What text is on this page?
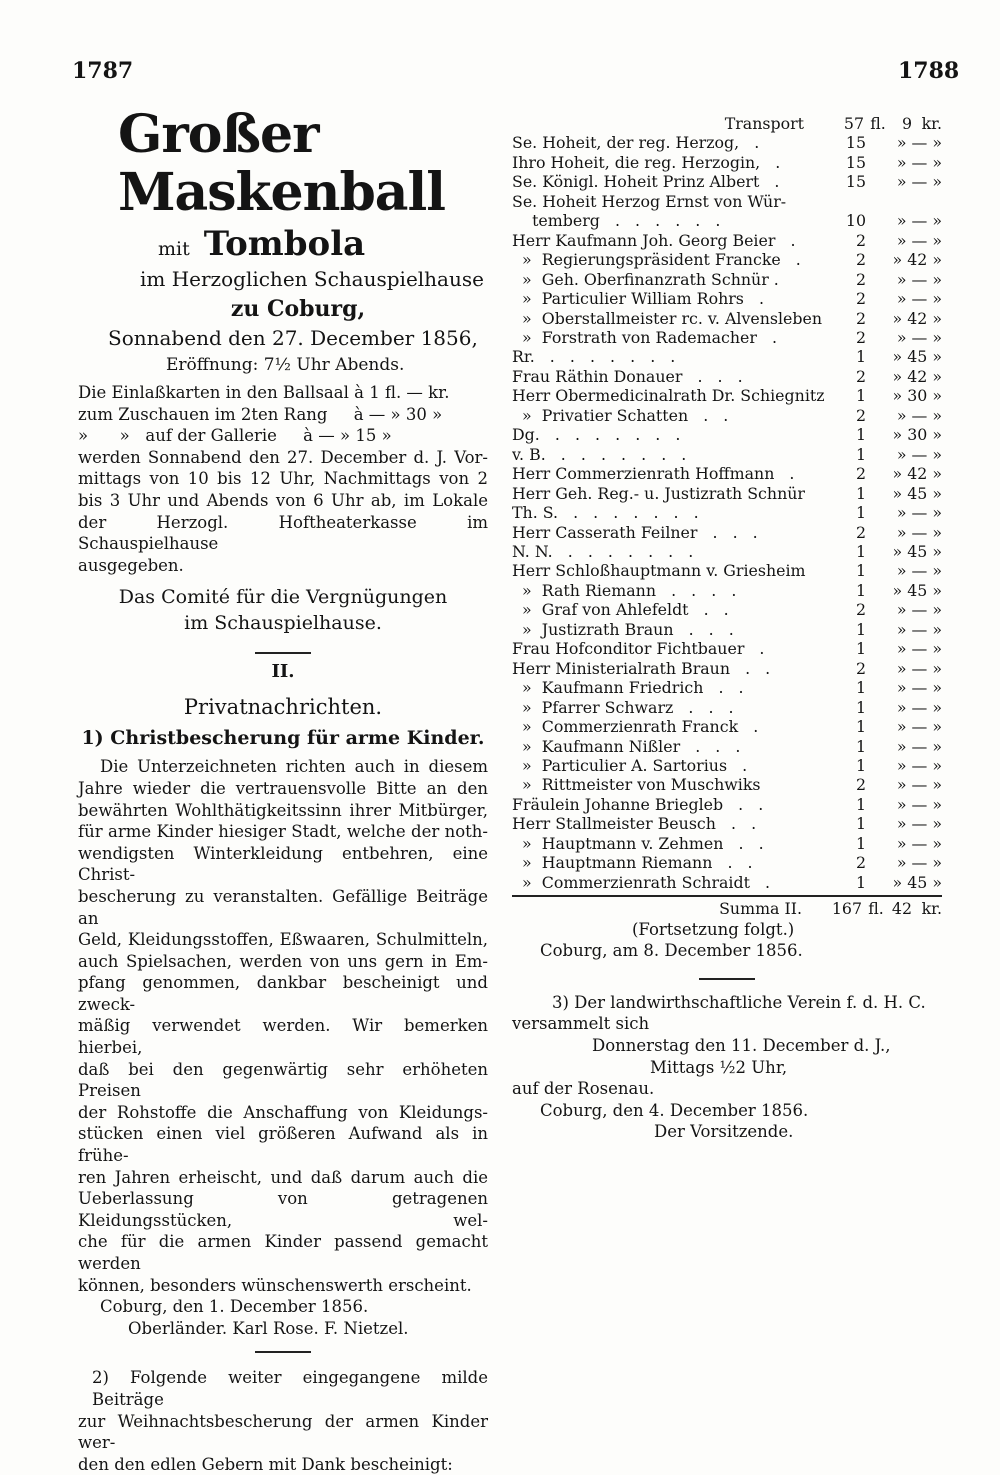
1787	1788
Großer Maskenball
mit Tombola
im Herzoglichen Schauspielhause
zu Coburg,
Sonnabend den 27. December 1856,
Eröffnung: 7½ Uhr Abends.
Die Einlaßkarten in den Ballsaal à 1 fl. — kr.
zum Zuschauen im 2ten Rang     à — » 30 »
»      »   auf der Gallerie     à — » 15 »
werden Sonnabend den 27. December d. J. Vor-
mittags von 10 bis 12 Uhr, Nachmittags von 2
bis 3 Uhr und Abends von 6 Uhr ab, im Lokale
der Herzogl. Hoftheaterkasse im Schauspielhause
ausgegeben.
Das Comité für die Vergnügungen
im Schauspielhause.
II.
Privatnachrichten.
1) Christbescherung für arme Kinder.
Die Unterzeichneten richten auch in diesem
Jahre wieder die vertrauensvolle Bitte an den
bewährten Wohlthätigkeitssinn ihrer Mitbürger,
für arme Kinder hiesiger Stadt, welche der noth-
wendigsten Winterkleidung entbehren, eine Christ-
bescherung zu veranstalten. Gefällige Beiträge an
Geld, Kleidungsstoffen, Eßwaaren, Schulmitteln,
auch Spielsachen, werden von uns gern in Em-
pfang genommen, dankbar bescheinigt und zweck-
mäßig verwendet werden. Wir bemerken hierbei,
daß bei den gegenwärtig sehr erhöheten Preisen
der Rohstoffe die Anschaffung von Kleidungs-
stücken einen viel größeren Aufwand als in frühe-
ren Jahren erheischt, und daß darum auch die
Ueberlassung von getragenen Kleidungsstücken, wel-
che für die armen Kinder passend gemacht werden
können, besonders wünschenswerth erscheint.
Coburg, den 1. December 1856.
Oberländer. Karl Rose. F. Nietzel.
2) Folgende weiter eingegangene milde Beiträge
zur Weihnachtsbescherung der armen Kinder wer-
den den edlen Gebern mit Dank bescheinigt:
Transport	57 fl.	9 kr.
Se. Hoheit, der reg. Herzog,   .	15	» — »
Ihro Hoheit, die reg. Herzogin,   .	15	» — »
Se. Königl. Hoheit Prinz Albert   .	15	» — »
Se. Hoheit Herzog Ernst von Wür-
temberg   .   .   .   .   .   .	10	» — »
Herr Kaufmann Joh. Georg Beier   .	2	» — »
»  Regierungspräsident Francke   .	2	» 42 »
»  Geh. Oberfinanzrath Schnür .	2	» — »
»  Particulier William Rohrs   .	2	» — »
»  Oberstallmeister rc. v. Alvensleben	2	» 42 »
»  Forstrath von Rademacher   .	2	» — »
Rr.   .   .   .   .   .   .   .	1	» 45 »
Frau Räthin Donauer   .   .   .	2	» 42 »
Herr Obermedicinalrath Dr. Schiegnitz	1	» 30 »
»  Privatier Schatten   .   .	2	» — »
Dg.   .   .   .   .   .   .   .	1	» 30 »
v. B.   .   .   .   .   .   .   .	1	» — »
Herr Commerzienrath Hoffmann   .	2	» 42 »
Herr Geh. Reg.- u. Justizrath Schnür	1	» 45 »
Th. S.   .   .   .   .   .   .   .	1	» — »
Herr Casserath Feilner   .   .   .	2	» — »
N. N.   .   .   .   .   .   .   .	1	» 45 »
Herr Schloßhauptmann v. Griesheim	1	» — »
»  Rath Riemann   .   .   .   .	1	» 45 »
»  Graf von Ahlefeldt   .   .	2	» — »
»  Justizrath Braun   .   .   .	1	» — »
Frau Hofconditor Fichtbauer   .	1	» — »
Herr Ministerialrath Braun   .   .	2	» — »
»  Kaufmann Friedrich   .   .	1	» — »
»  Pfarrer Schwarz   .   .   .	1	» — »
»  Commerzienrath Franck   .	1	» — »
»  Kaufmann Nißler   .   .   .	1	» — »
»  Particulier A. Sartorius   .	1	» — »
»  Rittmeister von Muschwiks	2	» — »
Fräulein Johanne Briegleb   .   .	1	» — »
Herr Stallmeister Beusch   .   .	1	» — »
»  Hauptmann v. Zehmen   .   .	1	» — »
»  Hauptmann Riemann   .   .	2	» — »
»  Commerzienrath Schraidt   .	1	» 45 »
Summa II.	167 fl. 42 kr.
(Fortsetzung folgt.)
Coburg, am 8. December 1856.
3) Der landwirthschaftliche Verein f. d. H. C.
versammelt sich
Donnerstag den 11. December d. J.,
Mittags ½2 Uhr,
auf der Rosenau.
Coburg, den 4. December 1856.
Der Vorsitzende.
